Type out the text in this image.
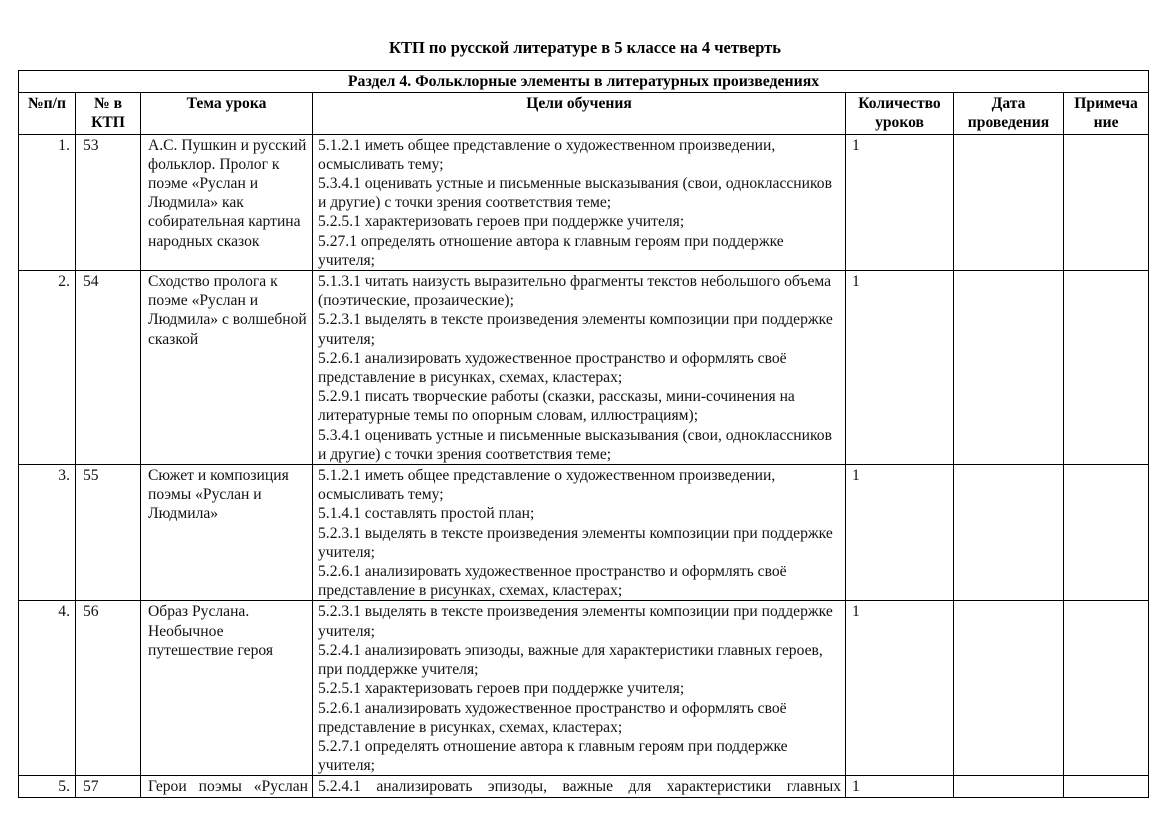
КТП по русской литературе в 5 классе на 4 четверть
Раздел 4. Фольклорные элементы в литературных произведениях						
№п/п	№ в КТП	Тема урока	Цели обучения	Количество уроков	Дата проведения	Примечание
1.	53	А.С. Пушкин и русский фольклор. Пролог к поэме «Руслан и Людмила» как собирательная картина народных сказок	5.1.2.1 иметь общее представление о художественном произведении, осмысливать тему;
5.3.4.1 оценивать устные и письменные высказывания (свои, одноклассников и другие) с точки зрения соответствия теме;
5.2.5.1 характеризовать героев при поддержке учителя;
5.27.1 определять отношение автора к главным героям при поддержке учителя;	1		
2.	54	Сходство пролога к поэме «Руслан и Людмила» с волшебной сказкой	5.1.3.1 читать наизусть выразительно фрагменты текстов небольшого объема (поэтические, прозаические);
5.2.3.1 выделять в тексте произведения элементы композиции при поддержке учителя;
5.2.6.1 анализировать художественное пространство и оформлять своё представление в рисунках, схемах, кластерах;
5.2.9.1 писать творческие работы (сказки, рассказы, мини-сочинения на литературные темы по опорным словам, иллюстрациям);
5.3.4.1 оценивать устные и письменные высказывания (свои, одноклассников и другие) с точки зрения соответствия теме;	1		
3.	55	Сюжет и композиция поэмы «Руслан и Людмила»	5.1.2.1 иметь общее представление о художественном произведении, осмысливать тему;
5.1.4.1 составлять простой план;
5.2.3.1 выделять в тексте произведения элементы композиции при поддержке учителя;
5.2.6.1 анализировать художественное пространство и оформлять своё представление в рисунках, схемах, кластерах;	1		
4.	56	Образ Руслана. Необычное путешествие героя	5.2.3.1 выделять в тексте произведения элементы композиции при поддержке учителя;
5.2.4.1 анализировать эпизоды, важные для характеристики главных героев, при поддержке учителя;
5.2.5.1 характеризовать героев при поддержке учителя;
5.2.6.1 анализировать художественное пространство и оформлять своё представление в рисунках, схемах, кластерах;
5.2.7.1 определять отношение автора к главным героям при поддержке учителя;	1		

5.	57	Герои поэмы «Руслан	5.2.4.1 анализировать эпизоды, важные для характеристики главных	1		
